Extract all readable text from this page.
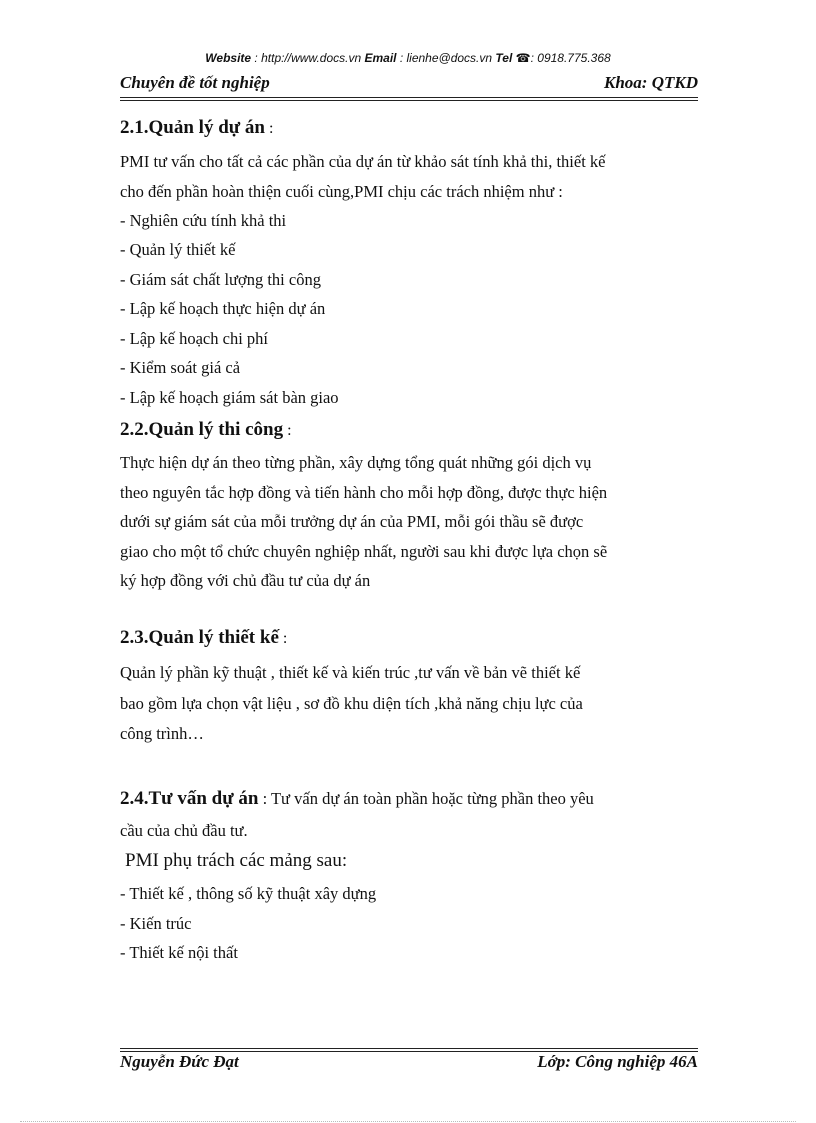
Website : http://www.docs.vn Email : lienhe@docs.vn Tel ☎: 0918.775.368
Chuyên đề tốt nghiệp	Khoa: QTKD
2.1.Quản lý dự án :
PMI tư vấn cho tất cả các phần của dự án từ khảo sát tính khả thi, thiết kế
cho đến phần hoàn thiện cuối cùng,PMI chịu các trách nhiệm như :
- Nghiên cứu tính khả thi
- Quản lý thiết kế
- Giám sát chất lượng thi công
- Lập kế hoạch thực hiện dự án
- Lập kế hoạch chi phí
- Kiểm soát giá cả
- Lập kế hoạch giám sát bàn giao
2.2.Quản lý thi công :
Thực hiện dự án theo từng phần, xây dựng tổng quát những gói dịch vụ
theo nguyên tắc hợp đồng và tiến hành cho mỗi hợp đồng, được thực hiện
dưới sự giám sát của mỗi trưởng dự án của PMI, mỗi gói thầu sẽ được
giao cho một tổ chức chuyên nghiệp nhất, người sau khi được lựa chọn sẽ
ký hợp đồng với chủ đầu tư của dự án
2.3.Quản lý thiết kế :
Quản lý phần kỹ thuật , thiết kế và kiến trúc ,tư vấn về bản vẽ thiết kế
bao gồm lựa chọn vật liệu , sơ đồ khu diện tích ,khả năng chịu lực của
công trình…
2.4.Tư vấn dự án : Tư vấn dự án toàn phần hoặc từng phần theo yêu
cầu của chủ đầu tư.
PMI phụ trách các mảng sau:
- Thiết kế , thông số kỹ thuật xây dựng
- Kiến trúc
- Thiết kế nội thất
Nguyễn Đức Đạt	Lớp: Công nghiệp 46A
